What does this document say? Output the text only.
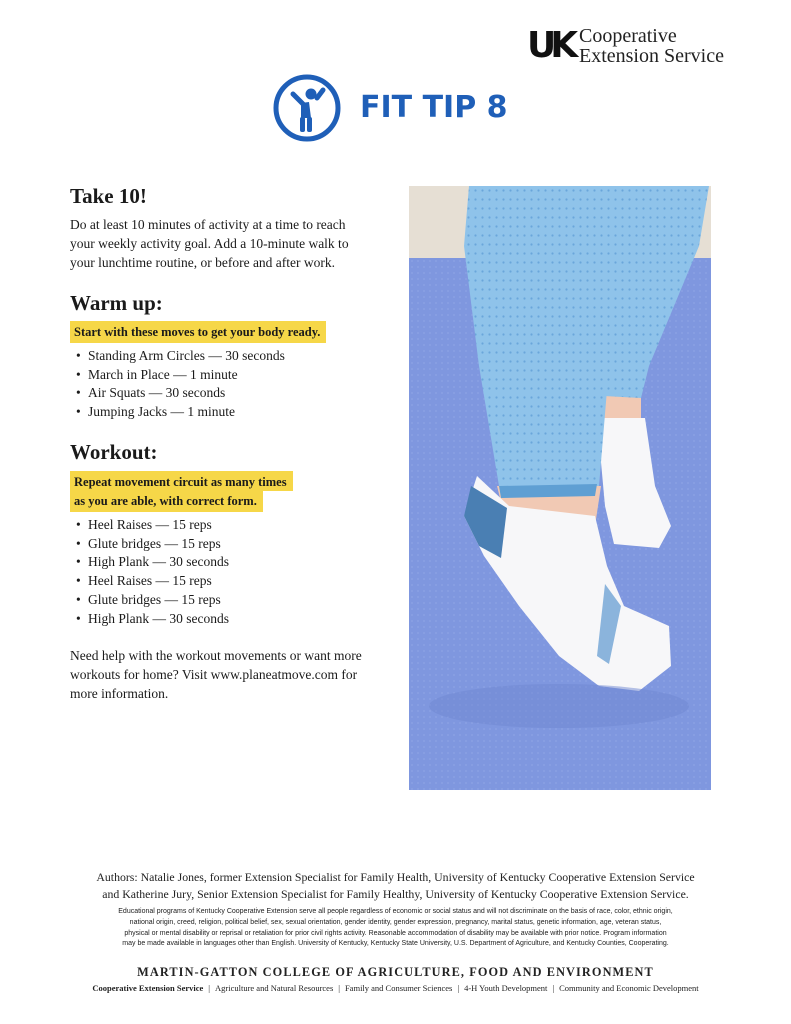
UK Cooperative
Extension Service
FIT TIP 8
Take 10!

Do at least 10 minutes of activity at a time to reach

your weekly activity goal. Add a 10-minute walk to

your lunchtime routine, or before and after work.

Warm up:
Start with these moves to get your body ready.
• Standing Arm Circles — 30 seconds
• March in Place — 1 minute
• Air Squats — 30 seconds
• Jumping Jacks — 1 minute
Workout:
Repeat movement circuit as many times
as you are able, with correct form.
• Heel Raises — 15 reps
• Glute bridges — 15 reps
• High Plank — 30 seconds
• Heel Raises — 15 reps
• Glute bridges — 15 reps
• High Plank — 30 seconds

Need help with the workout movements or want more

workouts for home? Visit www.planeatmove.com for

more information.

Authors: Natalie Jones, former Extension Specialist for Family Health, University of Kentucky Cooperative Extension Service
and Katherine Jury, Senior Extension Specialist for Family Healthy, University of Kentucky Cooperative Extension Service.
Educational programs of Kentucky Cooperative Extension serve all people regardless of economic or social status and will not discriminate on the basis of race, color, ethnic origin,
national origin, creed, religion, political belief, sex, sexual orientation, gender identity, gender expression, pregnancy, marital status, genetic information, age, veteran status,
physical or mental disability or reprisal or retaliation for prior civil rights activity. Reasonable accommodation of disability may be available with prior notice. Program information
may be made available in languages other than English. University of Kentucky, Kentucky State University, U.S. Department of Agriculture, and Kentucky Counties, Cooperating.
MARTIN-GATTON COLLEGE OF AGRICULTURE, FOOD AND ENVIRONMENT
Cooperative Extension Service | Agriculture and Natural Resources | Family and Consumer Sciences | 4-H Youth Development | Community and Economic Development
